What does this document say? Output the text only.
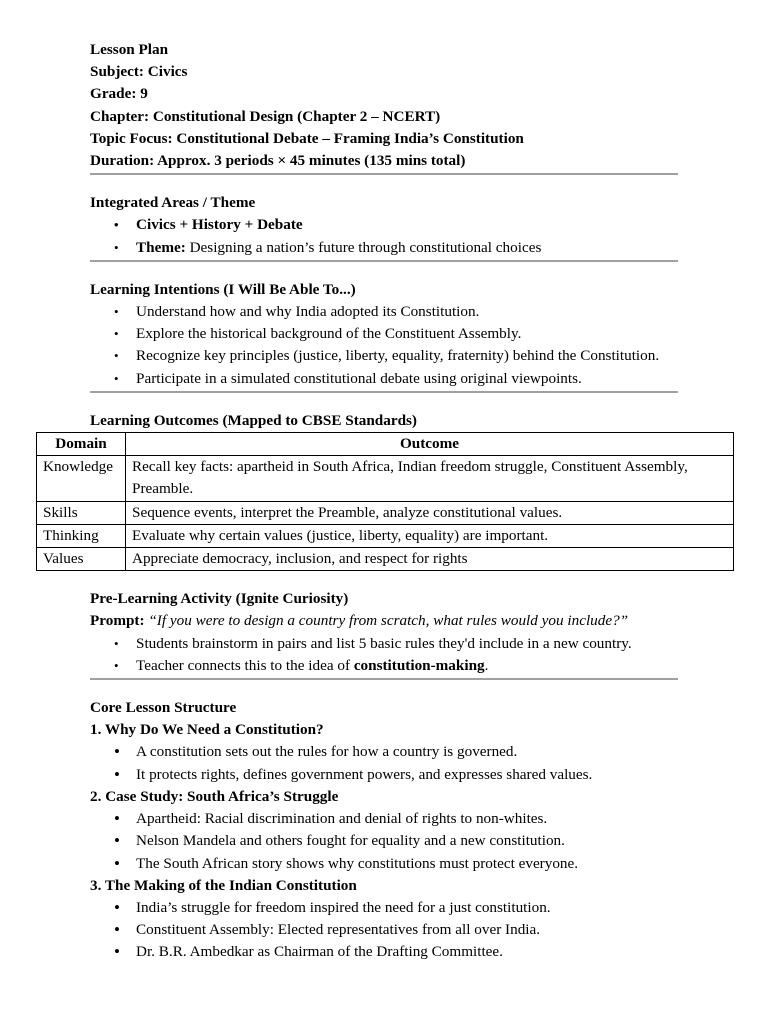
Lesson Plan
Subject: Civics
Grade: 9
Chapter: Constitutional Design (Chapter 2 – NCERT)
Topic Focus: Constitutional Debate – Framing India’s Constitution
Duration: Approx. 3 periods × 45 minutes (135 mins total)
Integrated Areas / Theme
• Civics + History + Debate
• Theme: Designing a nation’s future through constitutional choices
Learning Intentions (I Will Be Able To...)
• Understand how and why India adopted its Constitution.
• Explore the historical background of the Constituent Assembly.
• Recognize key principles (justice, liberty, equality, fraternity) behind the Constitution.
• Participate in a simulated constitutional debate using original viewpoints.
Learning Outcomes (Mapped to CBSE Standards)
Domain	Outcome
Knowledge	Recall key facts: apartheid in South Africa, Indian freedom struggle, Constituent Assembly, Preamble.
Skills	Sequence events, interpret the Preamble, analyze constitutional values.
Thinking	Evaluate why certain values (justice, liberty, equality) are important.
Values	Appreciate democracy, inclusion, and respect for rights
Pre-Learning Activity (Ignite Curiosity)
Prompt: “If you were to design a country from scratch, what rules would you include?”
• Students brainstorm in pairs and list 5 basic rules they'd include in a new country.
• Teacher connects this to the idea of constitution-making.
Core Lesson Structure
1. Why Do We Need a Constitution?
• A constitution sets out the rules for how a country is governed.
• It protects rights, defines government powers, and expresses shared values.
2. Case Study: South Africa’s Struggle
• Apartheid: Racial discrimination and denial of rights to non-whites.
• Nelson Mandela and others fought for equality and a new constitution.
• The South African story shows why constitutions must protect everyone.
3. The Making of the Indian Constitution
• India’s struggle for freedom inspired the need for a just constitution.
• Constituent Assembly: Elected representatives from all over India.
• Dr. B.R. Ambedkar as Chairman of the Drafting Committee.
